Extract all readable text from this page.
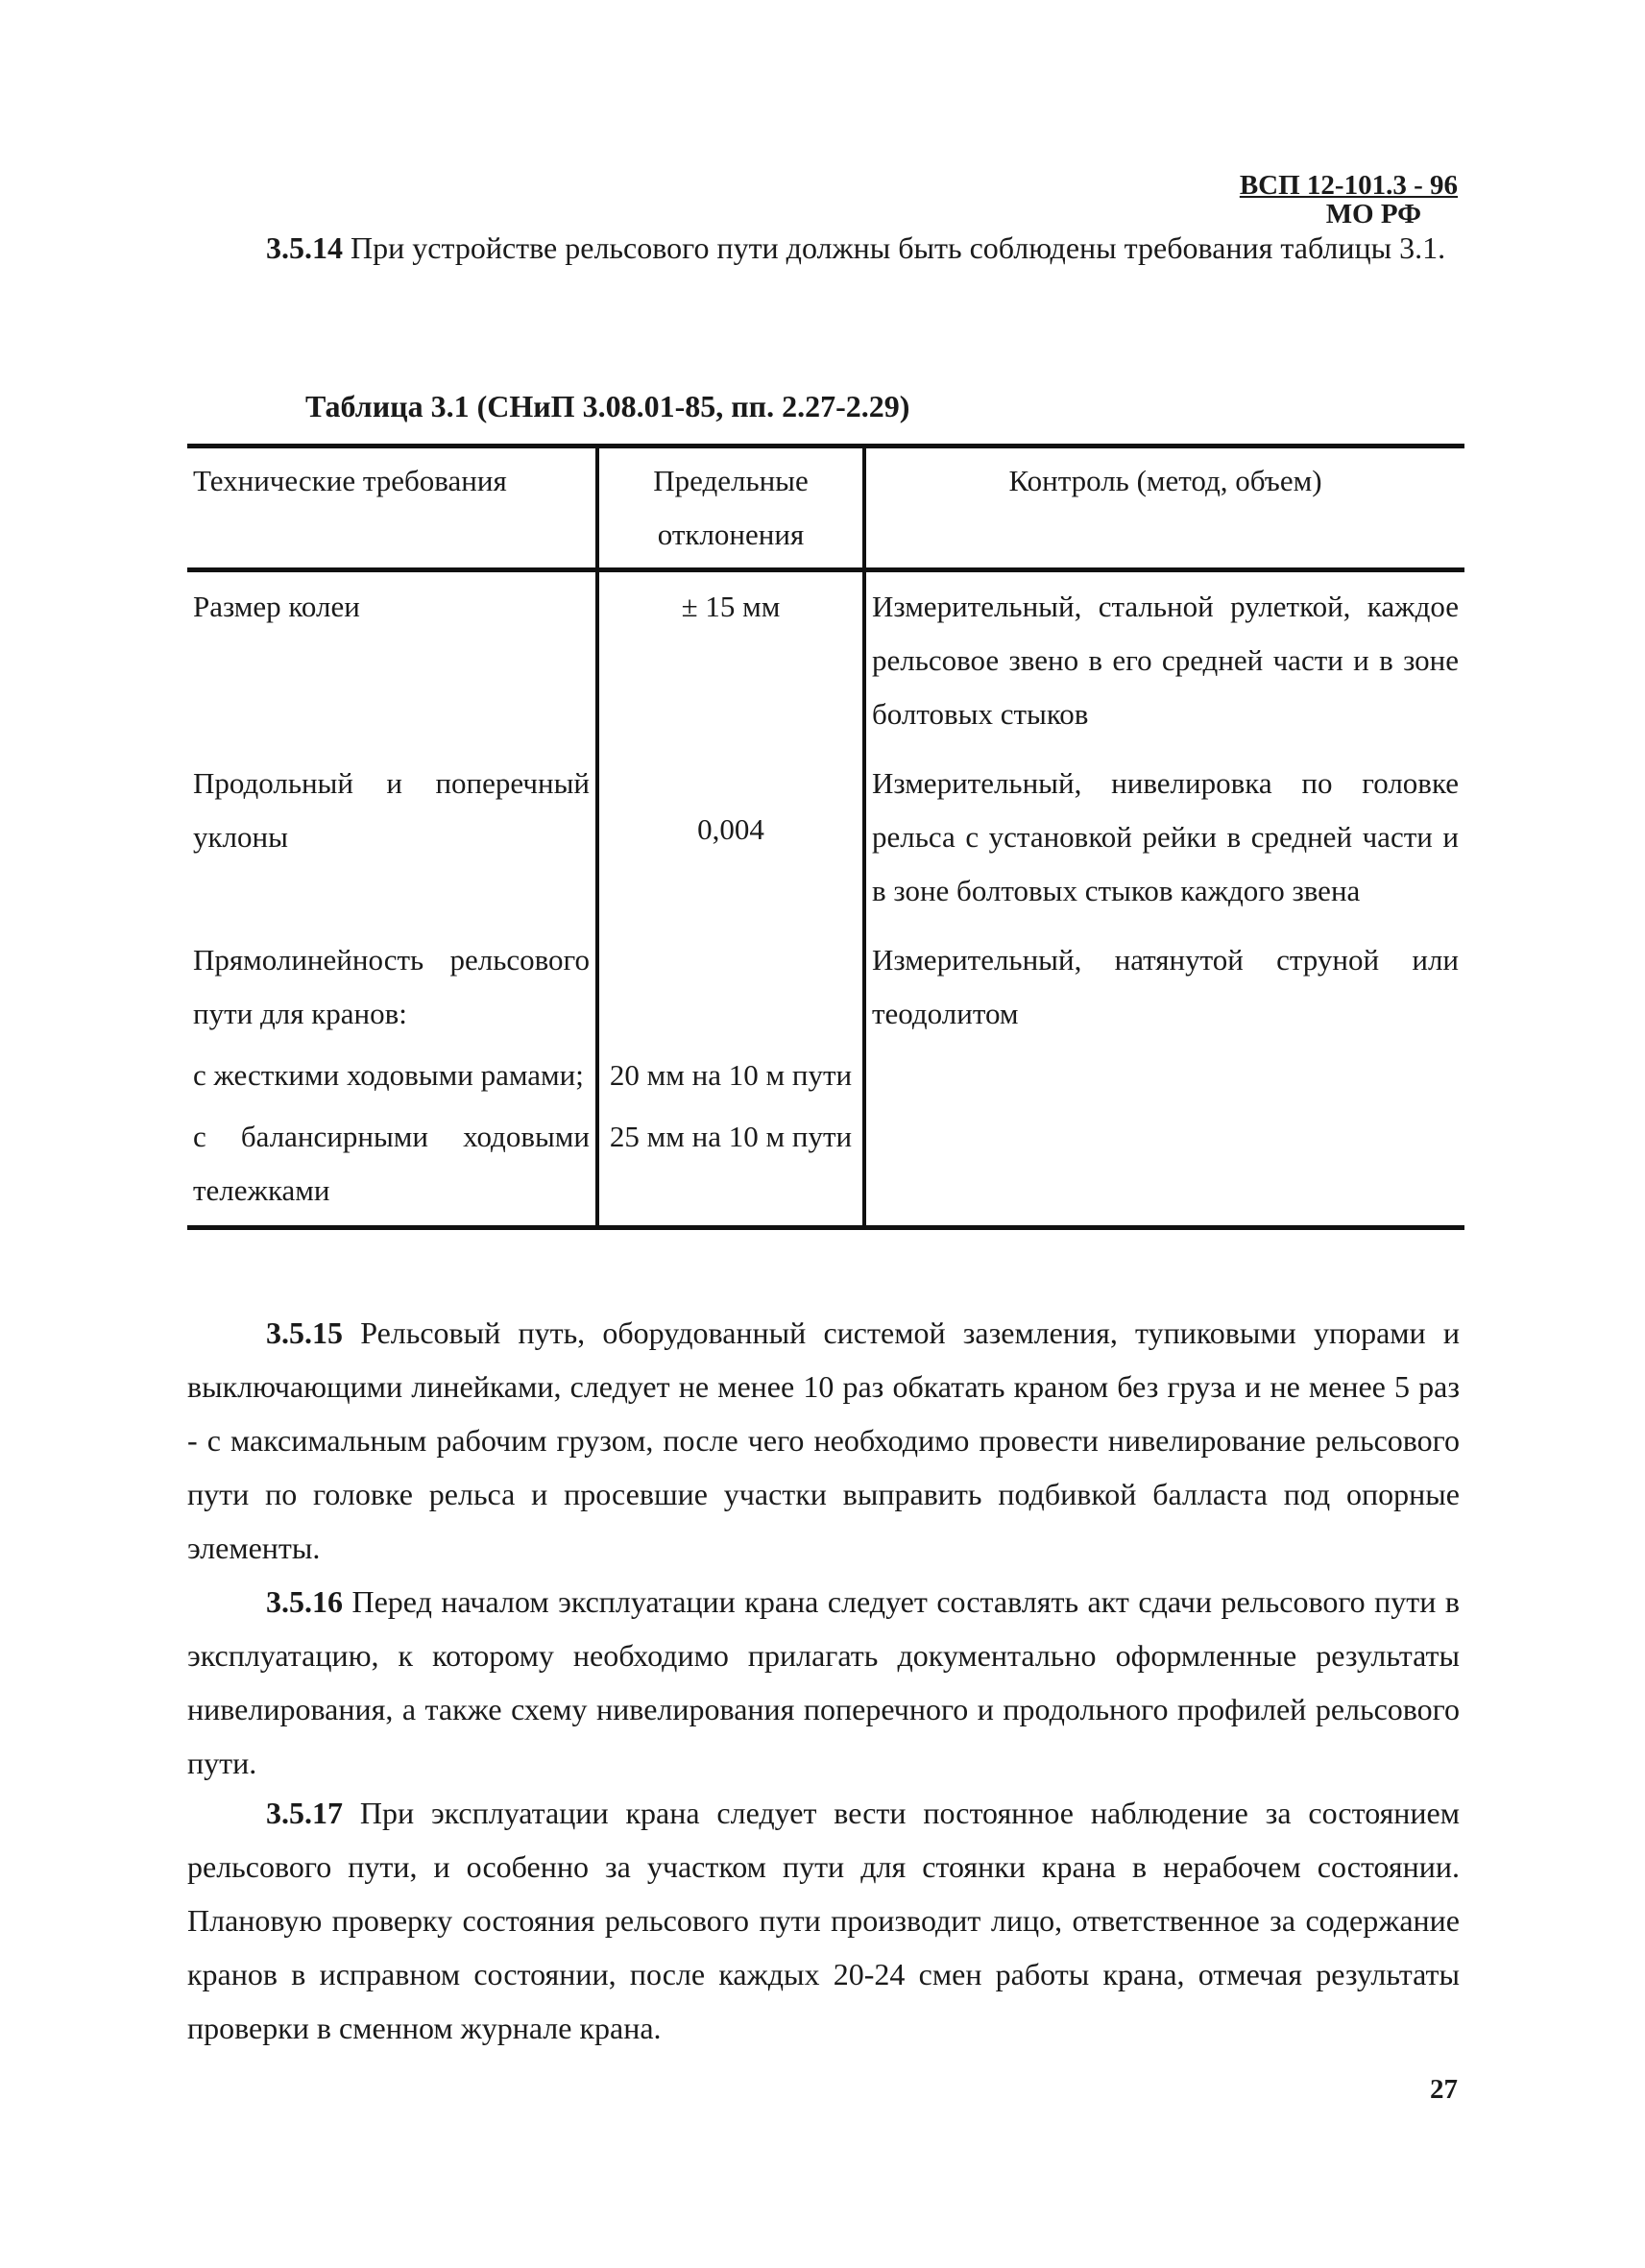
ВСП 12-101.3 - 96
МО РФ

3.5.14 При устройстве рельсового пути должны быть соблюдены требования таблицы 3.1.

Таблица 3.1 (СНиП 3.08.01-85, пп. 2.27-2.29)
Технические требования	Предельные отклонения	Контроль (метод, объем)
Размер колеи	± 15 мм	Измерительный, стальной рулеткой, каждое рельсовое звено в его средней части и в зоне болтовых стыков
Продольный и поперечный уклоны	0,004	Измерительный, нивелировка по головке рельса с установкой рейки в средней части и в зоне болтовых стыков каждого звена
Прямолинейность рельсового пути для кранов:		Измерительный, натянутой струной или теодолитом
с жесткими ходовыми рамами;	20 мм на 10 м пути	
с балансирными ходовыми тележками	25 мм на 10 м пути	

3.5.15 Рельсовый путь, оборудованный системой заземления, тупиковыми упорами и выключающими линейками, следует не менее 10 раз обкатать краном без груза и не менее 5 раз - с максимальным рабочим грузом, после чего необходимо провести нивелирование рельсового пути по головке рельса и просевшие участки выправить подбивкой балласта под опорные элементы.

3.5.16 Перед началом эксплуатации крана следует составлять акт сдачи рельсового пути в эксплуатацию, к которому необходимо прилагать документально оформленные результаты нивелирования, а также схему нивелирования поперечного и продольного профилей рельсового пути.

3.5.17 При эксплуатации крана следует вести постоянное наблюдение за состоянием рельсового пути, и особенно за участком пути для стоянки крана в нерабочем состоянии. Плановую проверку состояния рельсового пути производит лицо, ответственное за содержание кранов в исправном состоянии, после каждых 20-24 смен работы крана, отмечая результаты проверки в сменном журнале крана.

27
